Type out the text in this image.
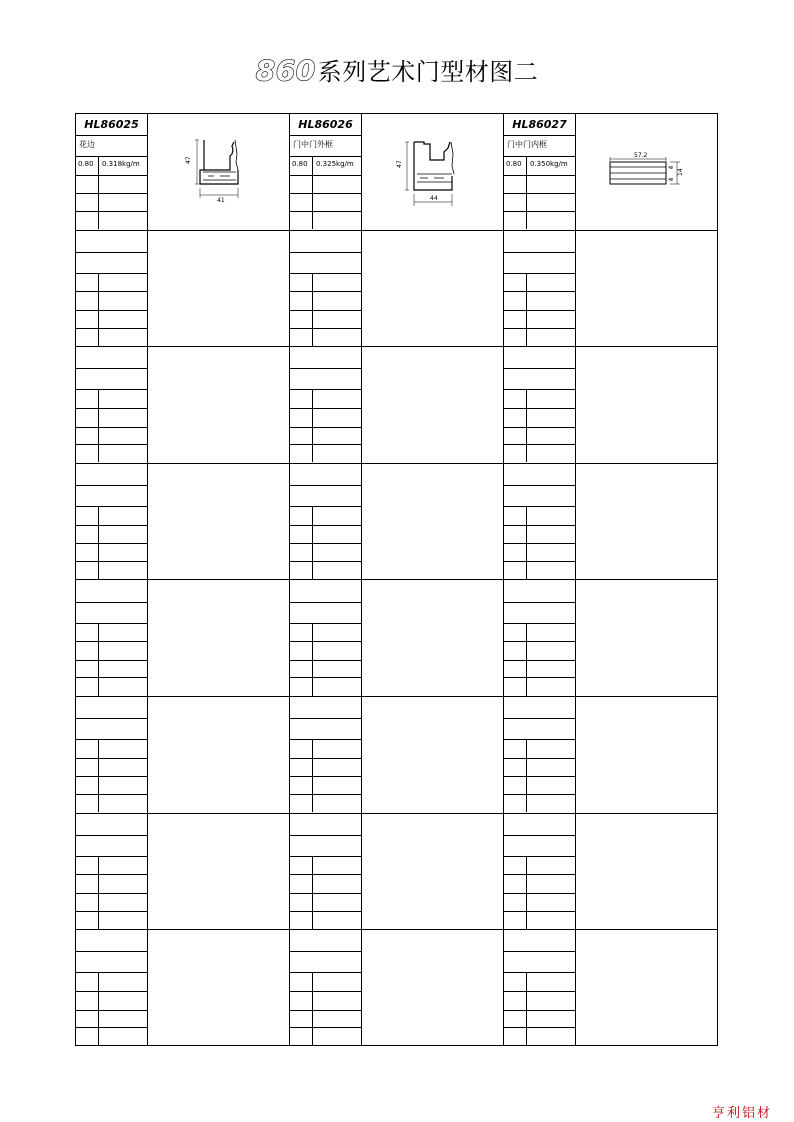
860系列艺术门型材图二
HL86025
花边
0.80 0.318kg/m
HL86026
门中门外框
0.80 0.325kg/m
HL86027
门中门内框
0.80 0.350kg/m
47
41
47
44
57.2
14
6
6
亨利铝材
